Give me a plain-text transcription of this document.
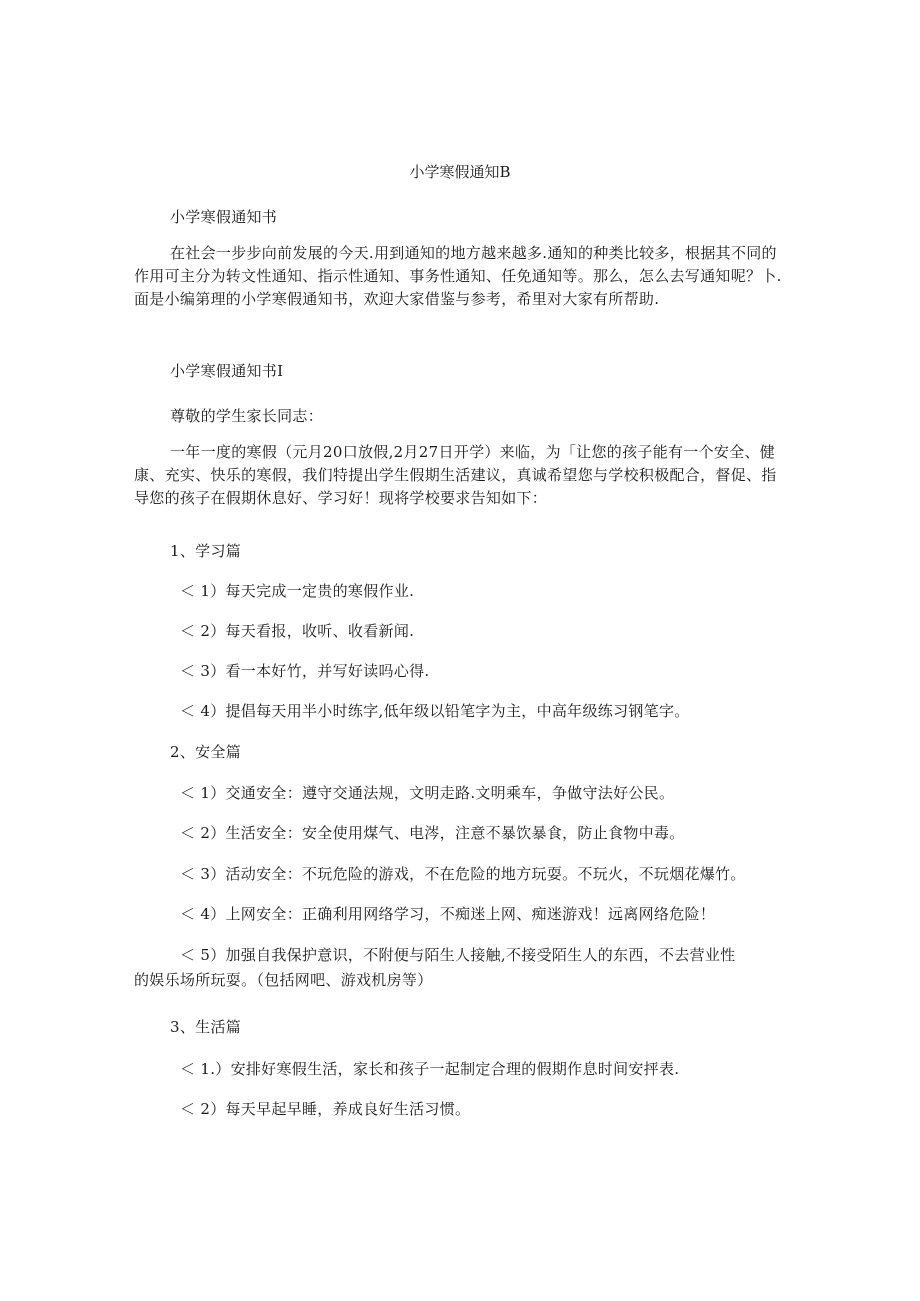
小学寒假通知B
小学寒假通知书

在社会一步步向前发展的今天.用到通知的地方越来越多.通知的种类比较多，根据其不同的作用可主分为转文性通知、指示性通知、事务性通知、任免通知等。那么，怎么去写通知呢？卜.面是小编第理的小学寒假通知书，欢迎大家借鉴与参考，希里对大家有所帮助.

小学寒假通知书I
尊敬的学生家长同志：

一年一度的寒假（元月20口放假,2月27日开学）来临，为「让您的孩子能有一个安全、健康、充实、快乐的寒假，我们特提出学生假期生活建议，真诚希望您与学校积极配合，督促、指导您的孩子在假期休息好、学习好！现将学校要求告知如下：

1、学习篇
＜ 1）每天完成一定贵的寒假作业.
＜ 2）每天看报，收听、收看新闻.
＜ 3）看一本好竹，并写好读吗心得.
＜ 4）提倡每天用半小时练字,低年级以铅笔字为主，中高年级练习钢笔字。
2、安全篇
＜ 1）交通安全：遵守交通法规，文明走路.文明乘车，争做守法好公民。
＜ 2）生活安全：安全使用煤气、电涔，注意不暴饮暴食，防止食物中毒。
＜ 3）活动安全：不玩危险的游戏，不在危险的地方玩耍。不玩火，不玩烟花爆竹。
＜ 4）上网安全：正确利用网络学习，不痴迷上网、痴迷游戏！远离网络危险！
＜ 5）加强自我保护意识，不附便与陌生人接触,不接受陌生人的东西，不去营业性
的娱乐场所玩耍。（包括网吧、游戏机房等）
3、生活篇
＜ 1.）安排好寒假生活，家长和孩子一起制定合理的假期作息时间安抨表.
＜ 2）每天早起早睡，养成良好生活习惯。
